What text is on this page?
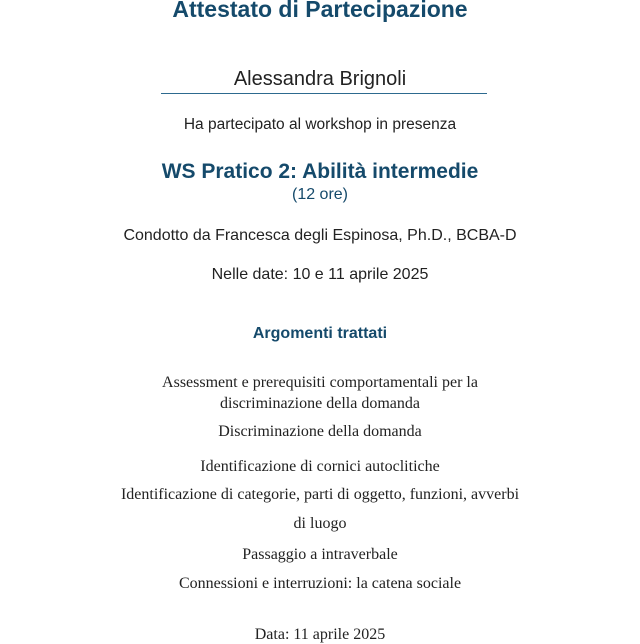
Attestato di Partecipazione
Alessandra Brignoli
Ha partecipato al workshop in presenza
WS Pratico 2: Abilità intermedie
(12 ore)
Condotto da Francesca degli Espinosa, Ph.D., BCBA-D
Nelle date: 10 e 11 aprile 2025
Argomenti trattati
Assessment e prerequisiti comportamentali per la
discriminazione della domanda
Discriminazione della domanda
Identificazione di cornici autoclitiche
Identificazione di categorie, parti di oggetto, funzioni, avverbi
di luogo
Passaggio a intraverbale
Connessioni e interruzioni: la catena sociale
Data: 11 aprile 2025
